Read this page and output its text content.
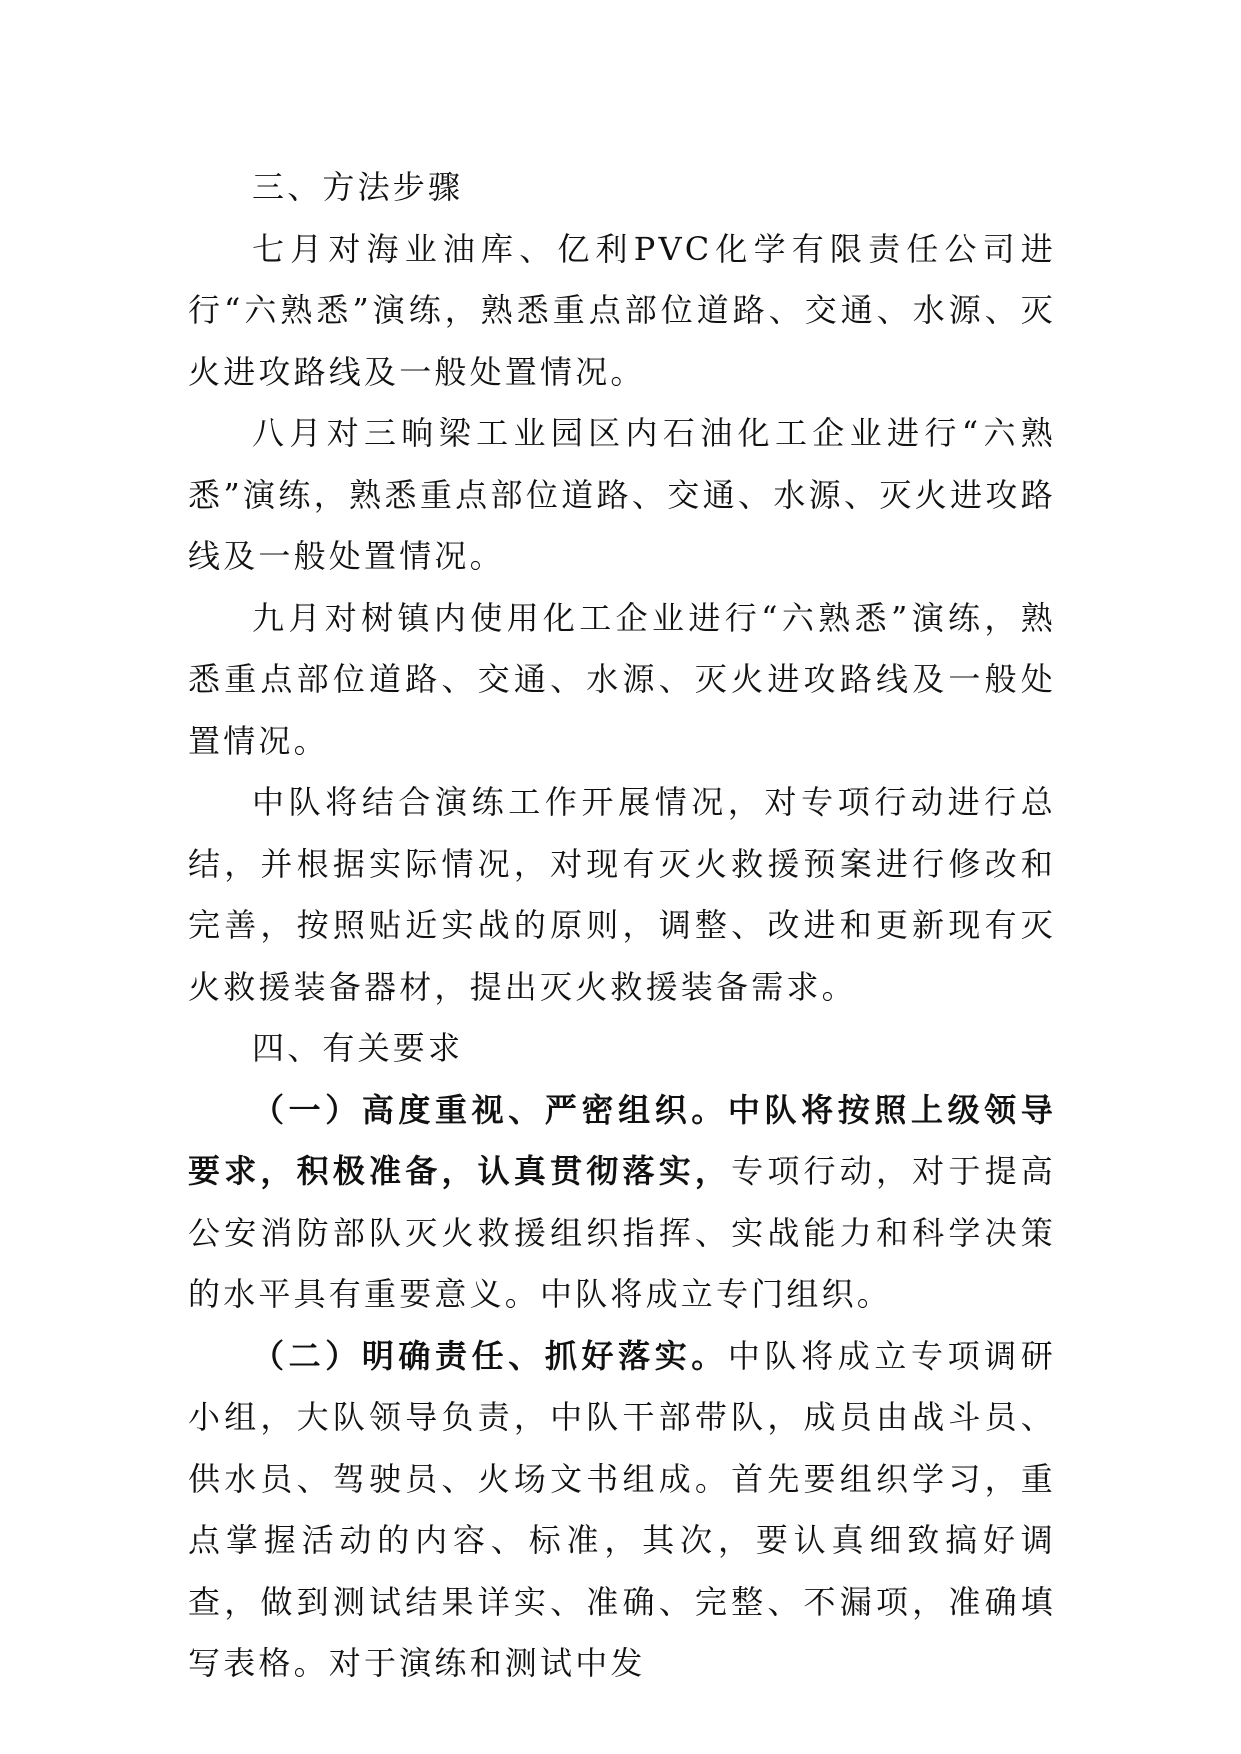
三、方法步骤

七月对海业油库、亿利PVC化学有限责任公司进行“六熟悉”演练，熟悉重点部位道路、交通、水源、灭火进攻路线及一般处置情况。

八月对三晌梁工业园区内石油化工企业进行“六熟悉”演练，熟悉重点部位道路、交通、水源、灭火进攻路线及一般处置情况。

九月对树镇内使用化工企业进行“六熟悉”演练，熟悉重点部位道路、交通、水源、灭火进攻路线及一般处置情况。

中队将结合演练工作开展情况，对专项行动进行总结，并根据实际情况，对现有灭火救援预案进行修改和完善，按照贴近实战的原则，调整、改进和更新现有灭火救援装备器材，提出灭火救援装备需求。

四、有关要求

（一）高度重视、严密组织。中队将按照上级领导要求，积极准备，认真贯彻落实，专项行动，对于提高公安消防部队灭火救援组织指挥、实战能力和科学决策的水平具有重要意义。中队将成立专门组织。

（二）明确责任、抓好落实。中队将成立专项调研小组，大队领导负责，中队干部带队，成员由战斗员、供水员、驾驶员、火场文书组成。首先要组织学习，重点掌握活动的内容、标准，其次，要认真细致搞好调查，做到测试结果详实、准确、完整、不漏项，准确填写表格。对于演练和测试中发
